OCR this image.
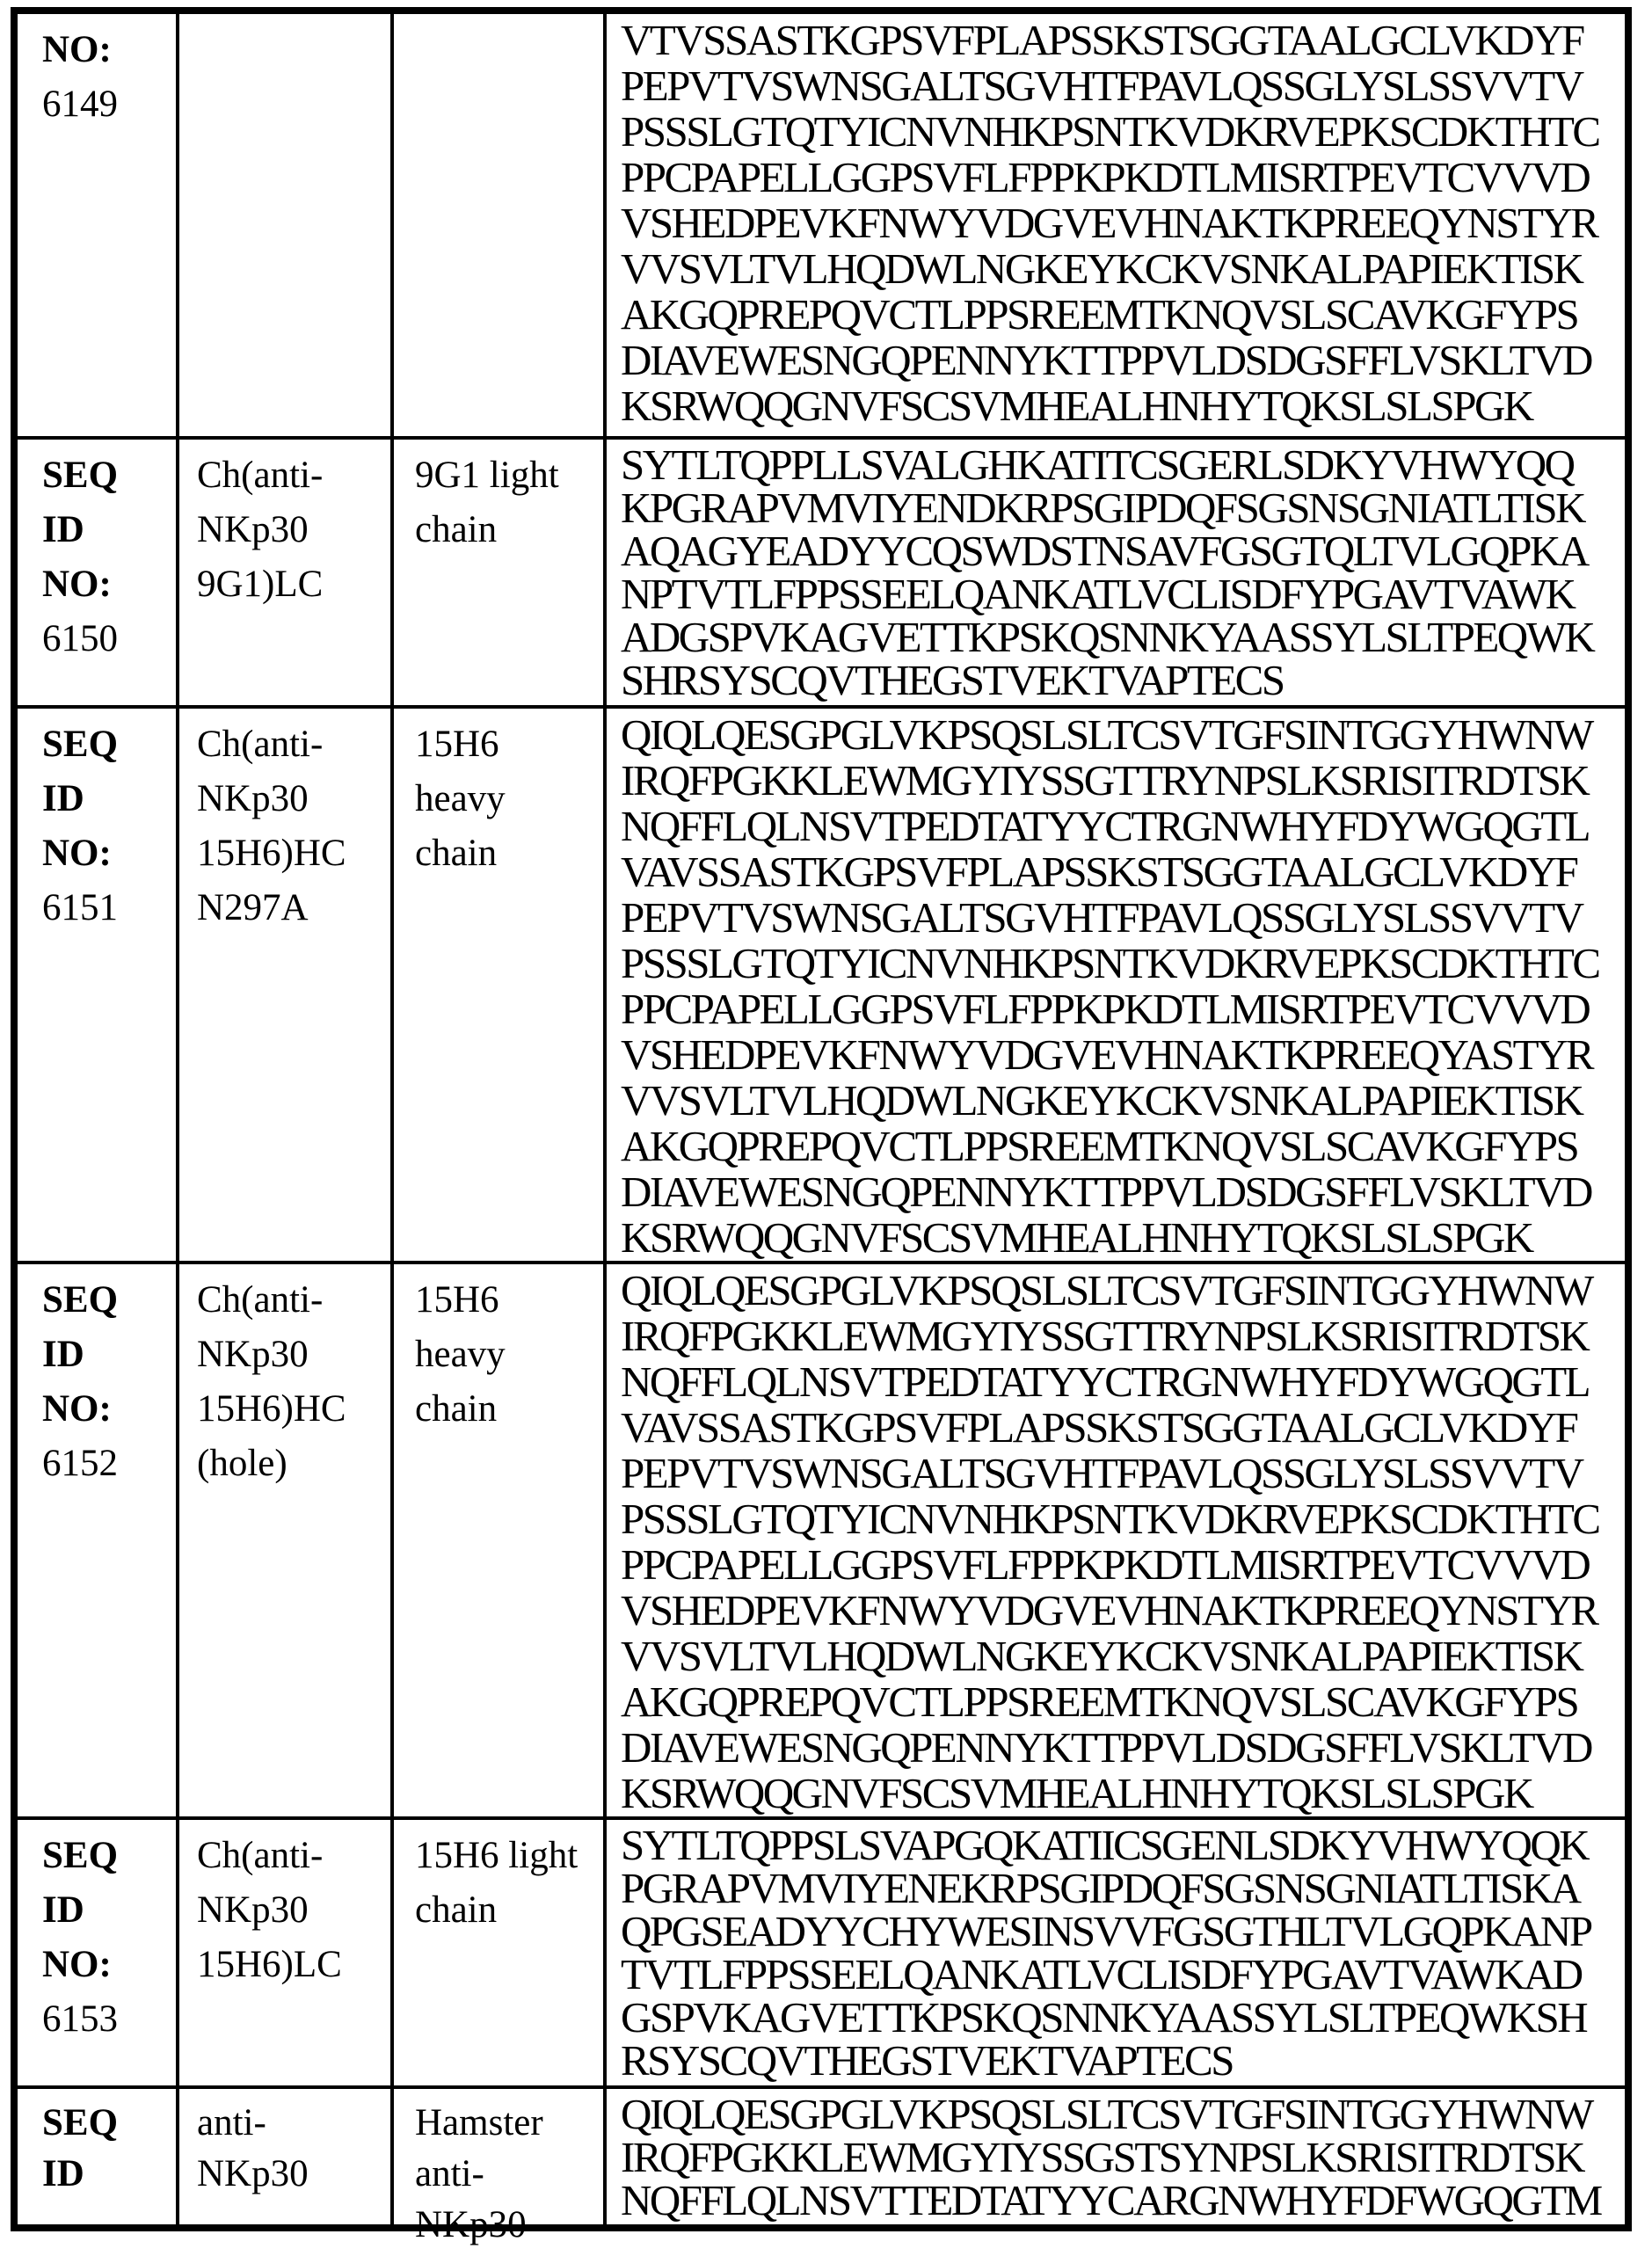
NO:
6149
VTVSSASTKGPSVFPLAPSSKSTSGGTAALGCLVKDYF
PEPVTVSWNSGALTSGVHTFPAVLQSSGLYSLSSVVTV
PSSSLGTQTYICNVNHKPSNTKVDKRVEPKSCDKTHTC
PPCPAPELLGGPSVFLFPPKPKDTLMISRTPEVTCVVVD
VSHEDPEVKFNWYVDGVEVHNAKTKPREEQYNSTYR
VVSVLTVLHQDWLNGKEYKCKVSNKALPAPIEKTISK
AKGQPREPQVCTLPPSREEMTKNQVSLSCAVKGFYPS
DIAVEWESNGQPENNYKTTPPVLDSDGSFFLVSKLTVD
KSRWQQGNVFSCSVMHEALHNHYTQKSLSLSPGK
SEQ
ID
NO:
6150
Ch(anti-
NKp30
9G1)LC
9G1 light
chain
SYTLTQPPLLSVALGHKATITCSGERLSDKYVHWYQQ
KPGRAPVMVIYENDKRPSGIPDQFSGSNSGNIATLTISK
AQAGYEADYYCQSWDSTNSAVFGSGTQLTVLGQPKA
NPTVTLFPPSSEELQANKATLVCLISDFYPGAVTVAWK
ADGSPVKAGVETTKPSKQSNNKYAASSYLSLTPEQWK
SHRSYSCQVTHEGSTVEKTVAPTECS
SEQ
ID
NO:
6151
Ch(anti-
NKp30
15H6)HC
N297A
15H6
heavy
chain
QIQLQESGPGLVKPSQSLSLTCSVTGFSINTGGYHWNW
IRQFPGKKLEWMGYIYSSGTTRYNPSLKSRISITRDTSK
NQFFLQLNSVTPEDTATYYCTRGNWHYFDYWGQGTL
VAVSSASTKGPSVFPLAPSSKSTSGGTAALGCLVKDYF
PEPVTVSWNSGALTSGVHTFPAVLQSSGLYSLSSVVTV
PSSSLGTQTYICNVNHKPSNTKVDKRVEPKSCDKTHTC
PPCPAPELLGGPSVFLFPPKPKDTLMISRTPEVTCVVVD
VSHEDPEVKFNWYVDGVEVHNAKTKPREEQYASTYR
VVSVLTVLHQDWLNGKEYKCKVSNKALPAPIEKTISK
AKGQPREPQVCTLPPSREEMTKNQVSLSCAVKGFYPS
DIAVEWESNGQPENNYKTTPPVLDSDGSFFLVSKLTVD
KSRWQQGNVFSCSVMHEALHNHYTQKSLSLSPGK
SEQ
ID
NO:
6152
Ch(anti-
NKp30
15H6)HC
(hole)
15H6
heavy
chain
QIQLQESGPGLVKPSQSLSLTCSVTGFSINTGGYHWNW
IRQFPGKKLEWMGYIYSSGTTRYNPSLKSRISITRDTSK
NQFFLQLNSVTPEDTATYYCTRGNWHYFDYWGQGTL
VAVSSASTKGPSVFPLAPSSKSTSGGTAALGCLVKDYF
PEPVTVSWNSGALTSGVHTFPAVLQSSGLYSLSSVVTV
PSSSLGTQTYICNVNHKPSNTKVDKRVEPKSCDKTHTC
PPCPAPELLGGPSVFLFPPKPKDTLMISRTPEVTCVVVD
VSHEDPEVKFNWYVDGVEVHNAKTKPREEQYNSTYR
VVSVLTVLHQDWLNGKEYKCKVSNKALPAPIEKTISK
AKGQPREPQVCTLPPSREEMTKNQVSLSCAVKGFYPS
DIAVEWESNGQPENNYKTTPPVLDSDGSFFLVSKLTVD
KSRWQQGNVFSCSVMHEALHNHYTQKSLSLSPGK
SEQ
ID
NO:
6153
Ch(anti-
NKp30
15H6)LC
15H6 light
chain
SYTLTQPPSLSVAPGQKATIICSGENLSDKYVHWYQQK
PGRAPVMVIYENEKRPSGIPDQFSGSNSGNIATLTISKA
QPGSEADYYCHYWESINSVVFGSGTHLTVLGQPKANP
TVTLFPPSSEELQANKATLVCLISDFYPGAVTVAWKAD
GSPVKAGVETTKPSKQSNNKYAASSYLSLTPEQWKSH
RSYSCQVTHEGSTVEKTVAPTECS
SEQ
ID
anti-
NKp30
Hamster
anti-
NKp30
QIQLQESGPGLVKPSQSLSLTCSVTGFSINTGGYHWNW
IRQFPGKKLEWMGYIYSSGSTSYNPSLKSRISITRDTSK
NQFFLQLNSVTTEDTATYYCARGNWHYFDFWGQGTM
